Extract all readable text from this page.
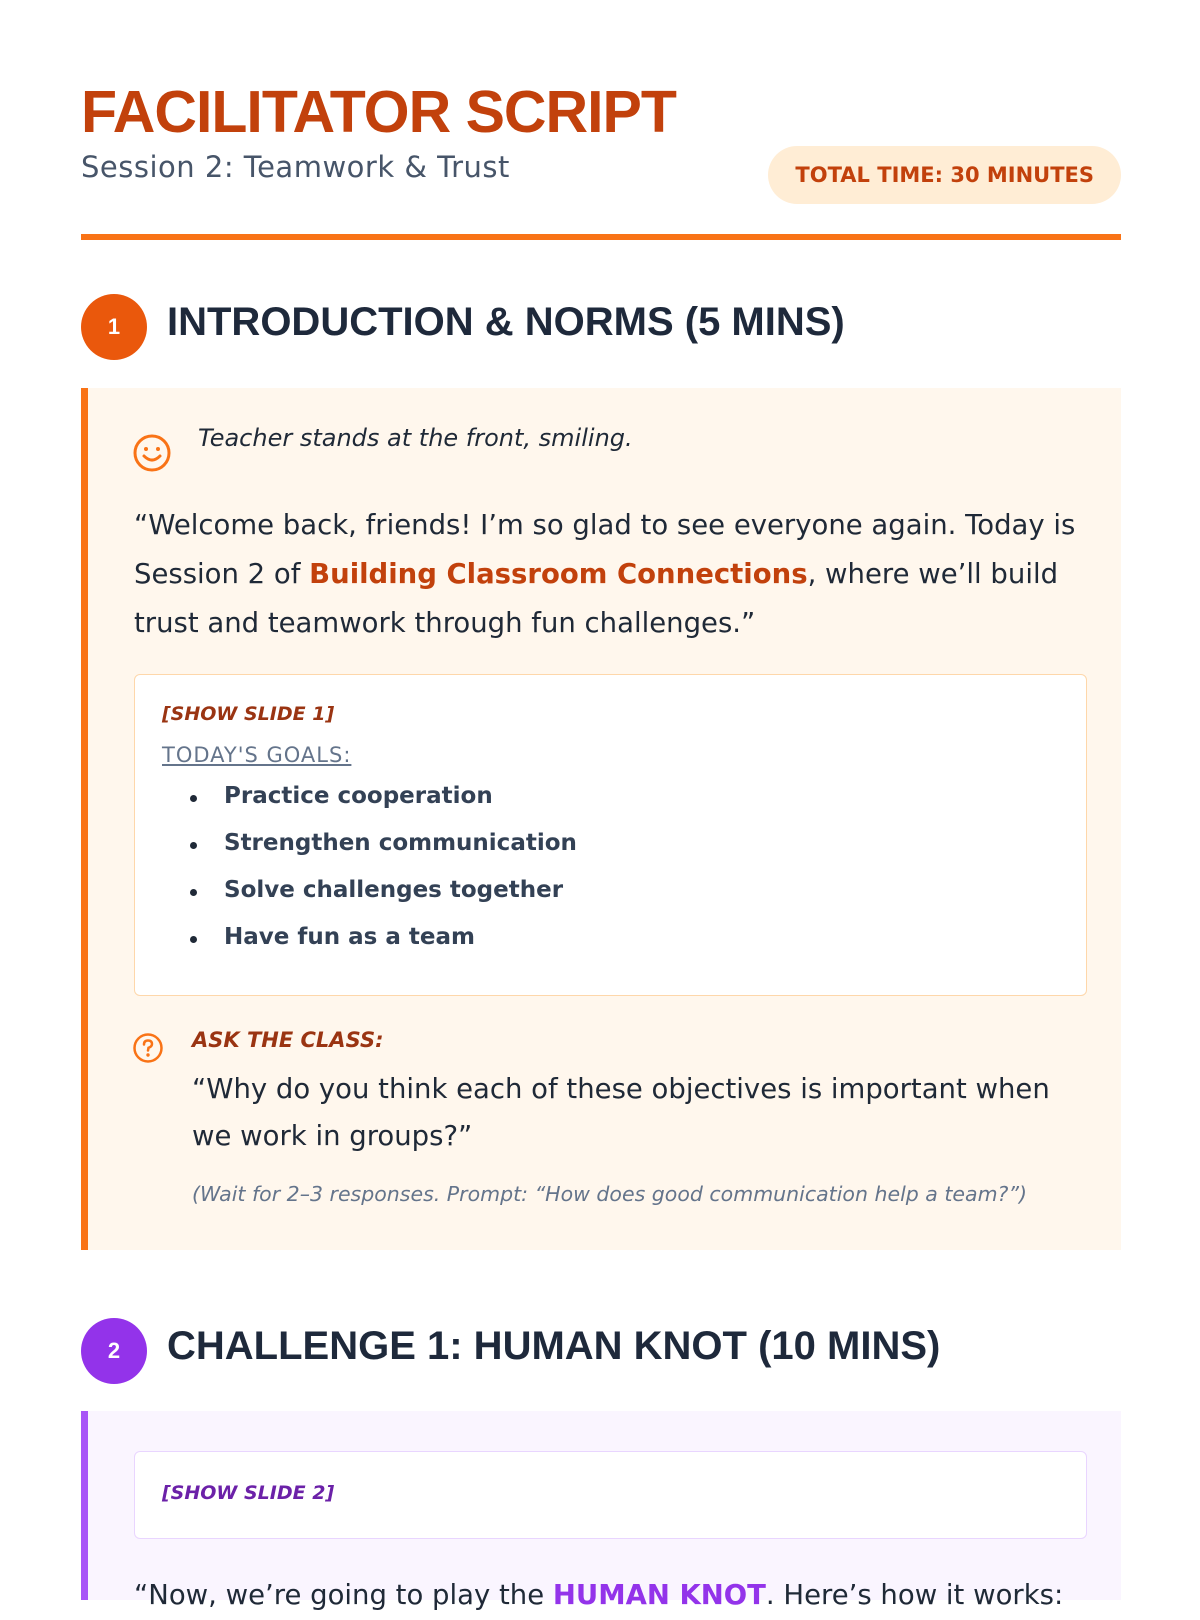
FACILITATOR SCRIPT
Session 2: Teamwork & Trust	TOTAL TIME: 30 MINUTES
1	INTRODUCTION & NORMS (5 MINS)
Teacher stands at the front, smiling.
“Welcome back, friends! I’m so glad to see everyone again. Today is Session 2 of Building Classroom Connections, where we’ll build trust and teamwork through fun challenges.”
[SHOW SLIDE 1]
TODAY'S GOALS:
Practice cooperation
Strengthen communication
Solve challenges together
Have fun as a team
ASK THE CLASS:
“Why do you think each of these objectives is important when we work in groups?”
(Wait for 2–3 responses. Prompt: “How does good communication help a team?”)
2	CHALLENGE 1: HUMAN KNOT (10 MINS)
[SHOW SLIDE 2]
“Now, we’re going to play the HUMAN KNOT. Here’s how it works:
